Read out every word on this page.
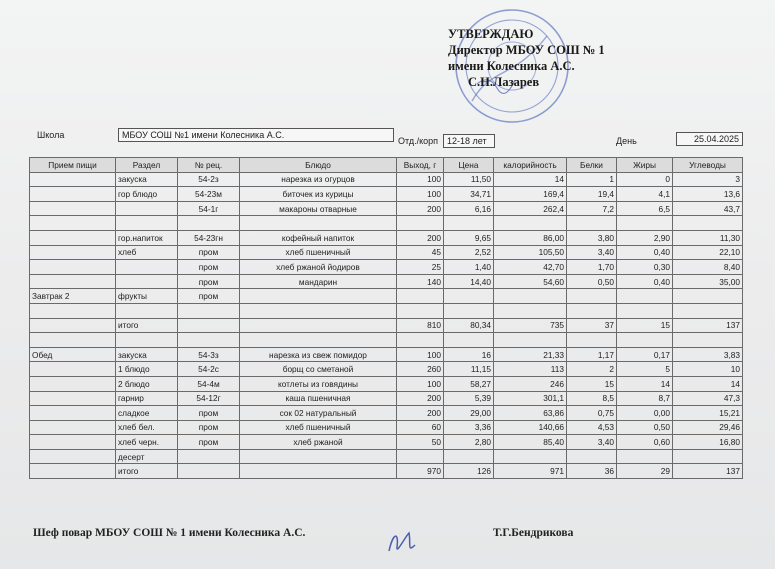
УТВЕРЖДАЮ
Директор МБОУ СОШ № 1
имени Колесника А.С.
С.Н.Лазарев
Школа	МБОУ СОШ №1 имени Колесника А.С.
Отд./корп	12-18 лет	День	25.04.2025
Прием пищи	Раздел	№ рец.	Блюдо	Выход, г	Цена	калорийность	Белки	Жиры	Углеводы
	закуска	54-2з	нарезка из огурцов	100	11,50	14	1	0	3
	гор блюдо	54-23м	биточек из курицы	100	34,71	169,4	19,4	4,1	13,6
		54-1г	макароны отварные	200	6,16	262,4	7,2	6,5	43,7

	гор.напиток	54-23гн	кофейный напиток	200	9,65	86,00	3,80	2,90	11,30
	хлеб	пром	хлеб пшеничный	45	2,52	105,50	3,40	0,40	22,10
		пром	хлеб ржаной йодиров	25	1,40	42,70	1,70	0,30	8,40
		пром	мандарин	140	14,40	54,60	0,50	0,40	35,00
Завтрак 2	фрукты	пром							

	итого			810	80,34	735	37	15	137

Обед	закуска	54-3з	нарезка из свеж помидор	100	16	21,33	1,17	0,17	3,83
	1 блюдо	54-2с	борщ со сметаной	260	11,15	113	2	5	10
	2 блюдо	54-4м	котлеты из говядины	100	58,27	246	15	14	14
	гарнир	54-12г	каша пшеничная	200	5,39	301,1	8,5	8,7	47,3
	сладкое	пром	сок 02 натуральный	200	29,00	63,86	0,75	0,00	15,21
	хлеб бел.	пром	хлеб пшеничный	60	3,36	140,66	4,53	0,50	29,46
	хлеб черн.	пром	хлеб ржаной	50	2,80	85,40	3,40	0,60	16,80
	десерт								
	итого			970	126	971	36	29	137
Шеф повар МБОУ СОШ № 1 имени Колесника А.С.	Т.Г.Бендрикова
